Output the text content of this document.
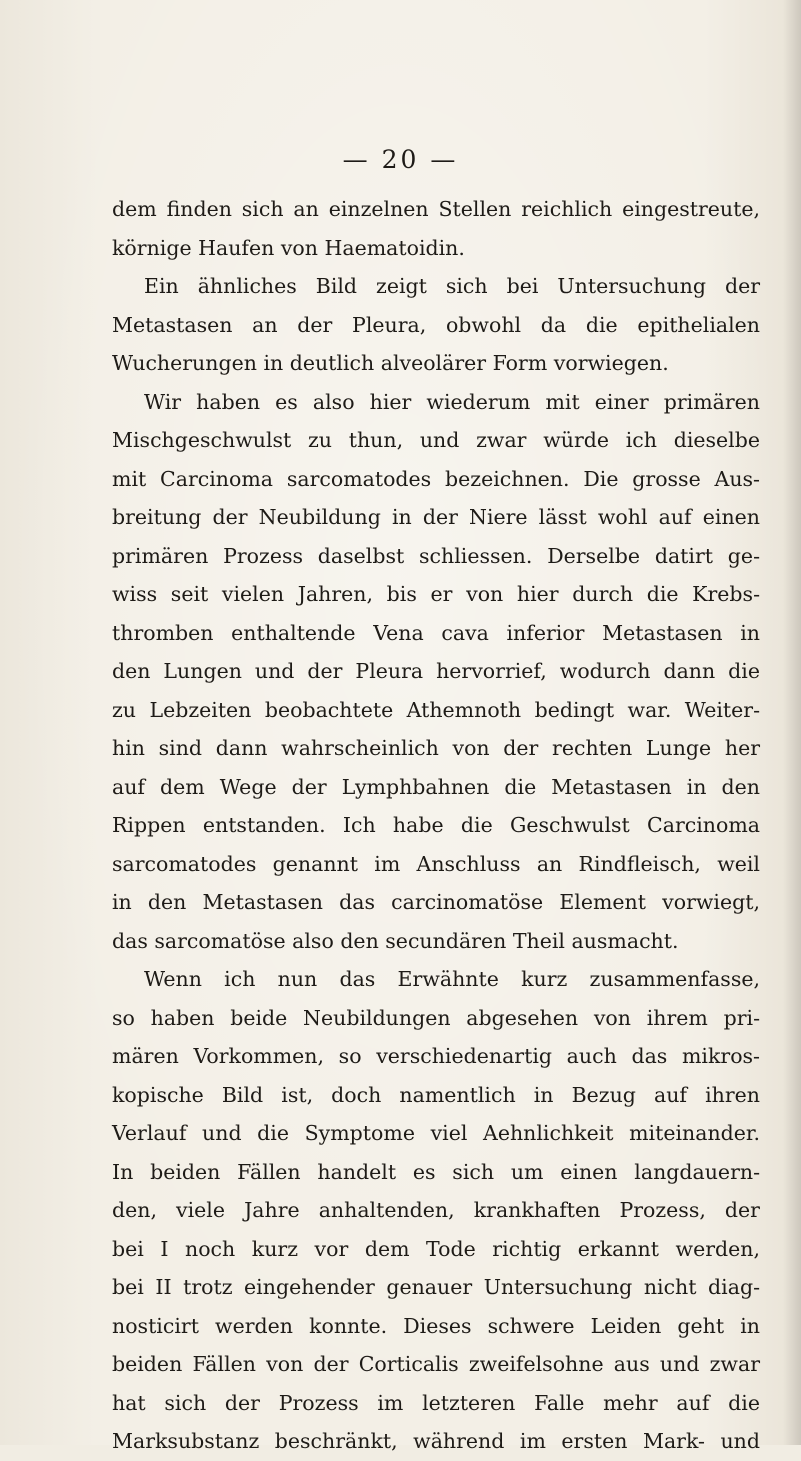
— 20 —
dem finden sich an einzelnen Stellen reichlich eingestreute,
körnige Haufen von Haematoidin.
Ein ähnliches Bild zeigt sich bei Untersuchung der
Metastasen an der Pleura, obwohl da die epithelialen
Wucherungen in deutlich alveolärer Form vorwiegen.
Wir haben es also hier wiederum mit einer primären
Mischgeschwulst zu thun, und zwar würde ich dieselbe
mit Carcinoma sarcomatodes bezeichnen. Die grosse Aus-
breitung der Neubildung in der Niere lässt wohl auf einen
primären Prozess daselbst schliessen. Derselbe datirt ge-
wiss seit vielen Jahren, bis er von hier durch die Krebs-
thromben enthaltende Vena cava inferior Metastasen in
den Lungen und der Pleura hervorrief, wodurch dann die
zu Lebzeiten beobachtete Athemnoth bedingt war. Weiter-
hin sind dann wahrscheinlich von der rechten Lunge her
auf dem Wege der Lymphbahnen die Metastasen in den
Rippen entstanden. Ich habe die Geschwulst Carcinoma
sarcomatodes genannt im Anschluss an Rindfleisch, weil
in den Metastasen das carcinomatöse Element vorwiegt,
das sarcomatöse also den secundären Theil ausmacht.
Wenn ich nun das Erwähnte kurz zusammenfasse,
so haben beide Neubildungen abgesehen von ihrem pri-
mären Vorkommen, so verschiedenartig auch das mikros-
kopische Bild ist, doch namentlich in Bezug auf ihren
Verlauf und die Symptome viel Aehnlichkeit miteinander.
In beiden Fällen handelt es sich um einen langdauern-
den, viele Jahre anhaltenden, krankhaften Prozess, der
bei I noch kurz vor dem Tode richtig erkannt werden,
bei II trotz eingehender genauer Untersuchung nicht diag-
nosticirt werden konnte. Dieses schwere Leiden geht in
beiden Fällen von der Corticalis zweifelsohne aus und zwar
hat sich der Prozess im letzteren Falle mehr auf die
Marksubstanz beschränkt, während im ersten Mark- und
